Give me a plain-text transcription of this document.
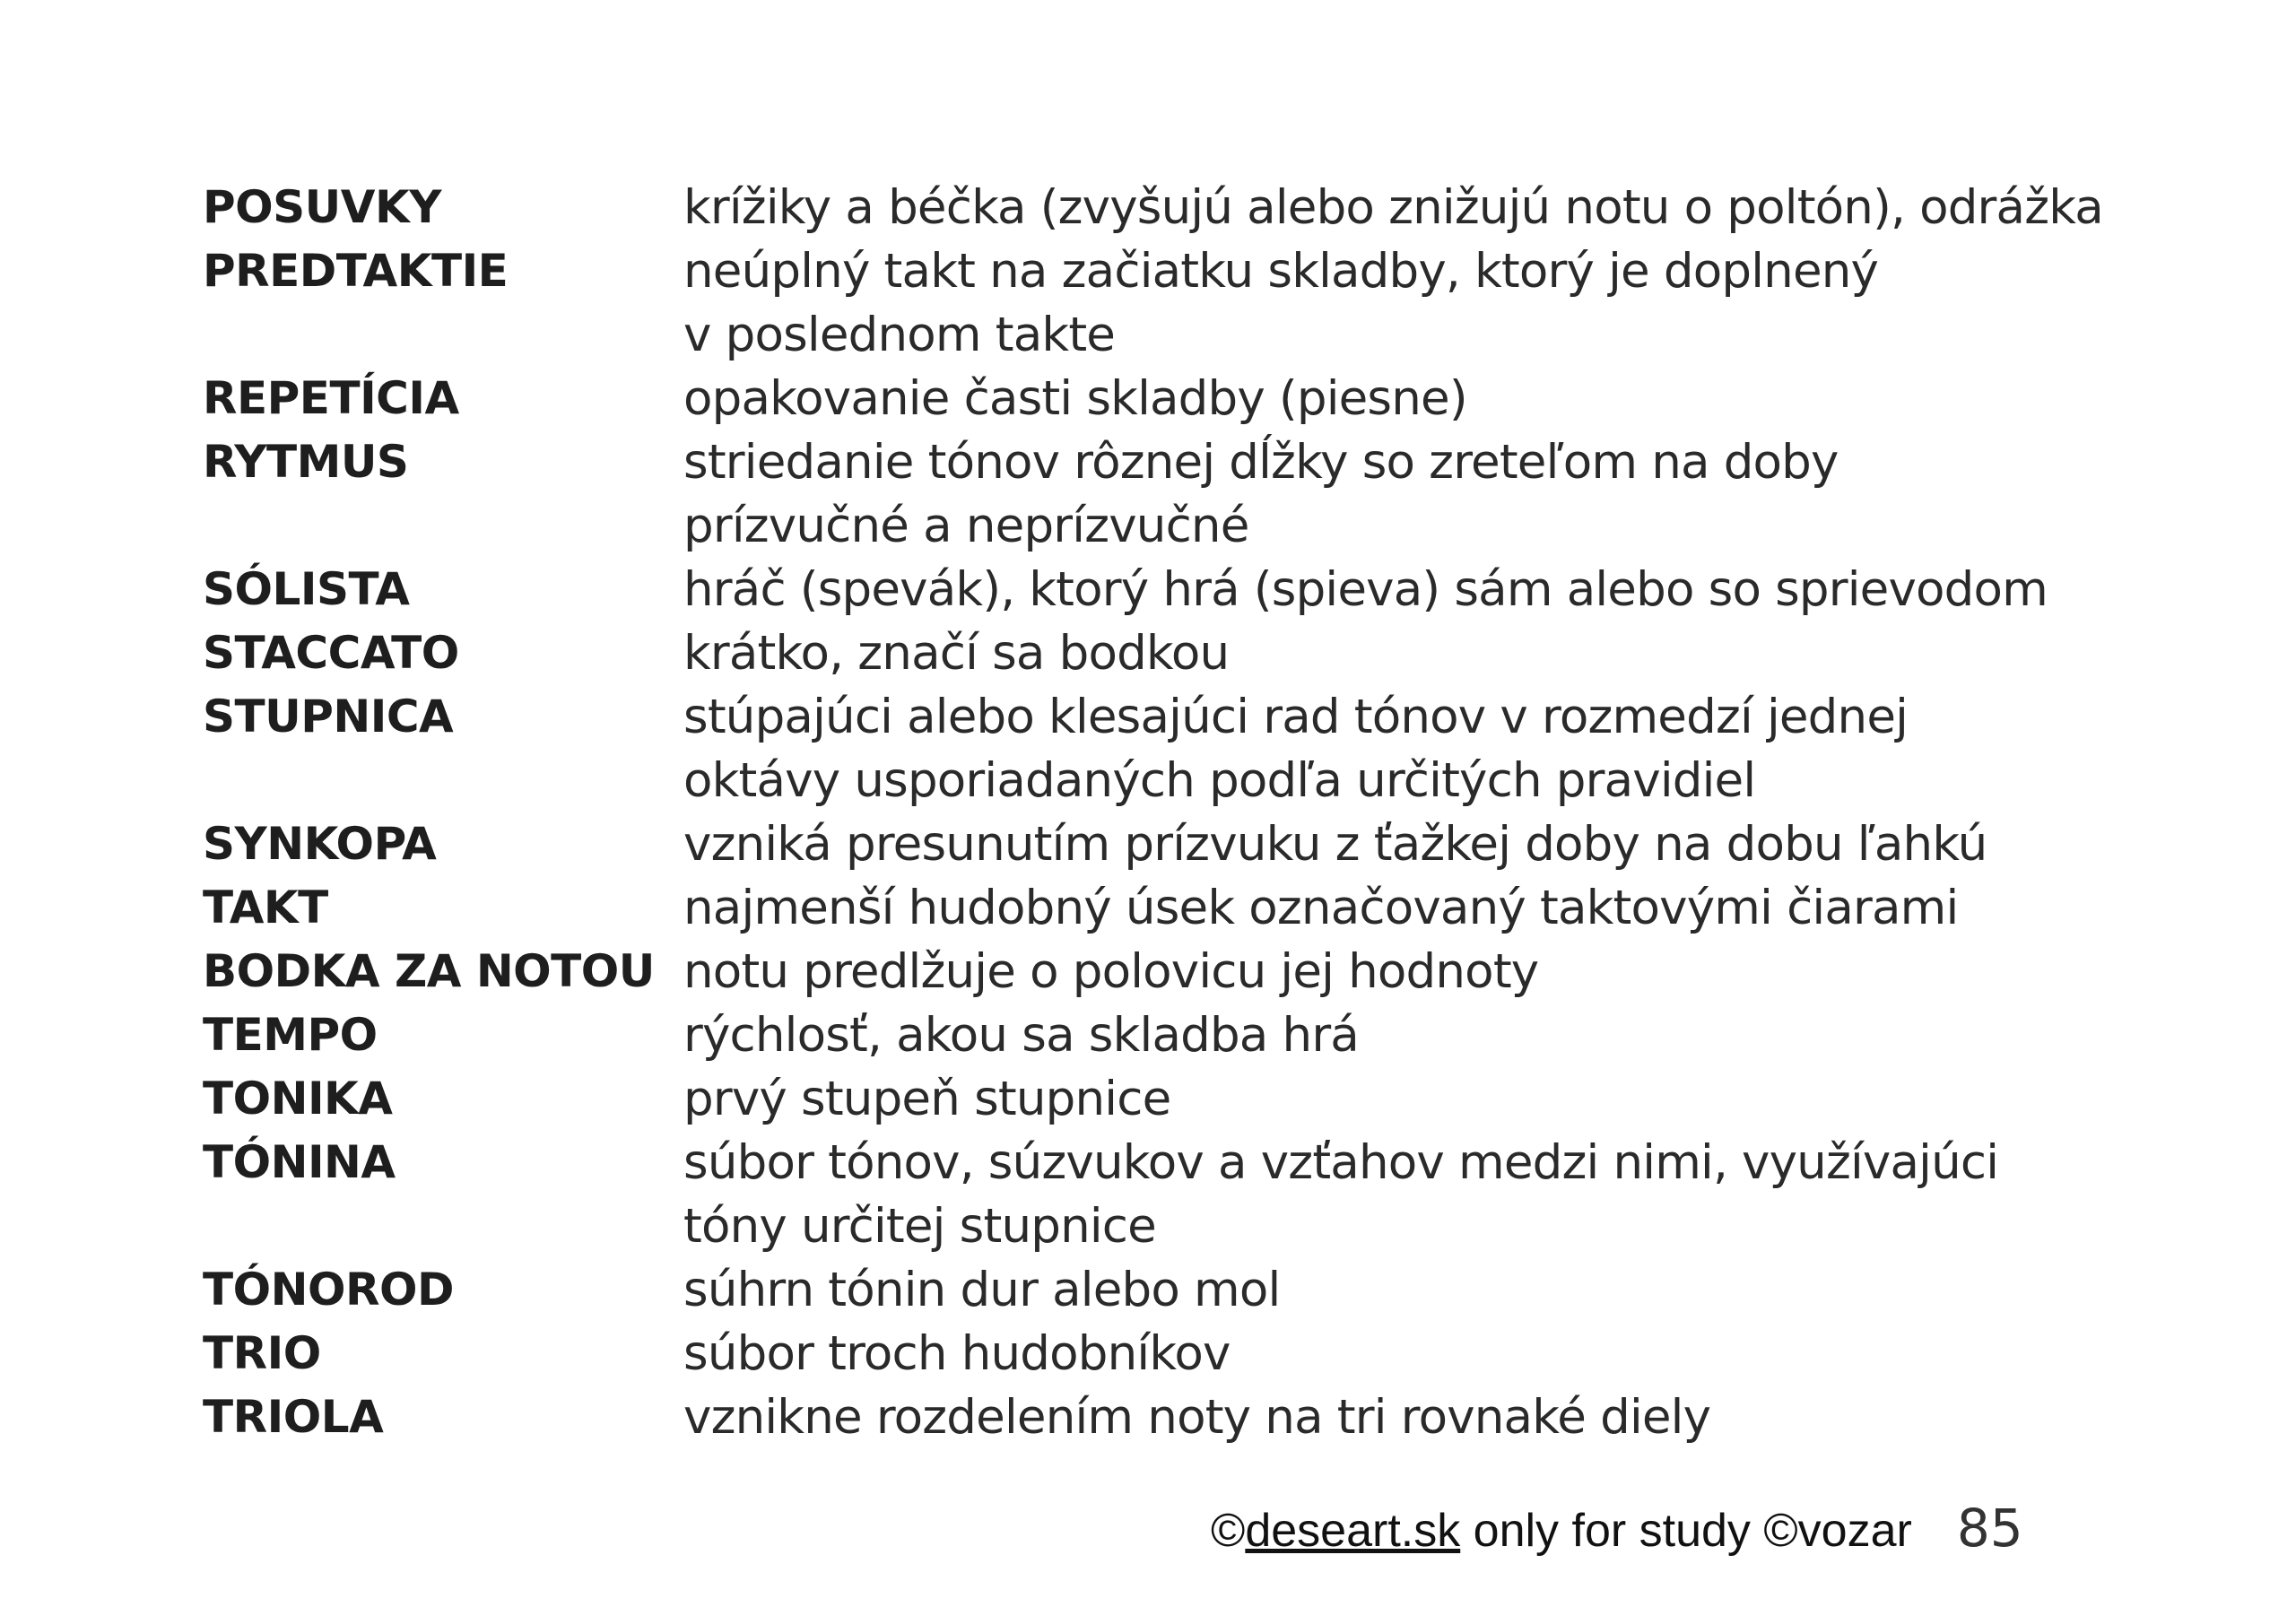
POSUVKY	krížiky a béčka (zvyšujú alebo znižujú notu o poltón), odrážka
PREDTAKTIE	neúplný takt na začiatku skladby, ktorý je doplnený
v poslednom takte
REPETÍCIA	opakovanie časti skladby (piesne)
RYTMUS	striedanie tónov rôznej dĺžky so zreteľom na doby
prízvučné a neprízvučné
SÓLISTA	hráč (spevák), ktorý hrá (spieva) sám alebo so sprievodom
STACCATO	krátko, značí sa bodkou
STUPNICA	stúpajúci alebo klesajúci rad tónov v rozmedzí jednej
oktávy usporiadaných podľa určitých pravidiel
SYNKOPA	vzniká presunutím prízvuku z ťažkej doby na dobu ľahkú
TAKT	najmenší hudobný úsek označovaný taktovými čiarami
BODKA ZA NOTOU notu predlžuje o polovicu jej hodnoty
TEMPO	rýchlosť, akou sa skladba hrá
TONIKA	prvý stupeň stupnice
TÓNINA	súbor tónov, súzvukov a vzťahov medzi nimi, využívajúci
tóny určitej stupnice
TÓNOROD	súhrn tónin dur alebo mol
TRIO	súbor troch hudobníkov
TRIOLA	vznikne rozdelením noty na tri rovnaké diely
©deseart.sk only for study ©vozar 85
